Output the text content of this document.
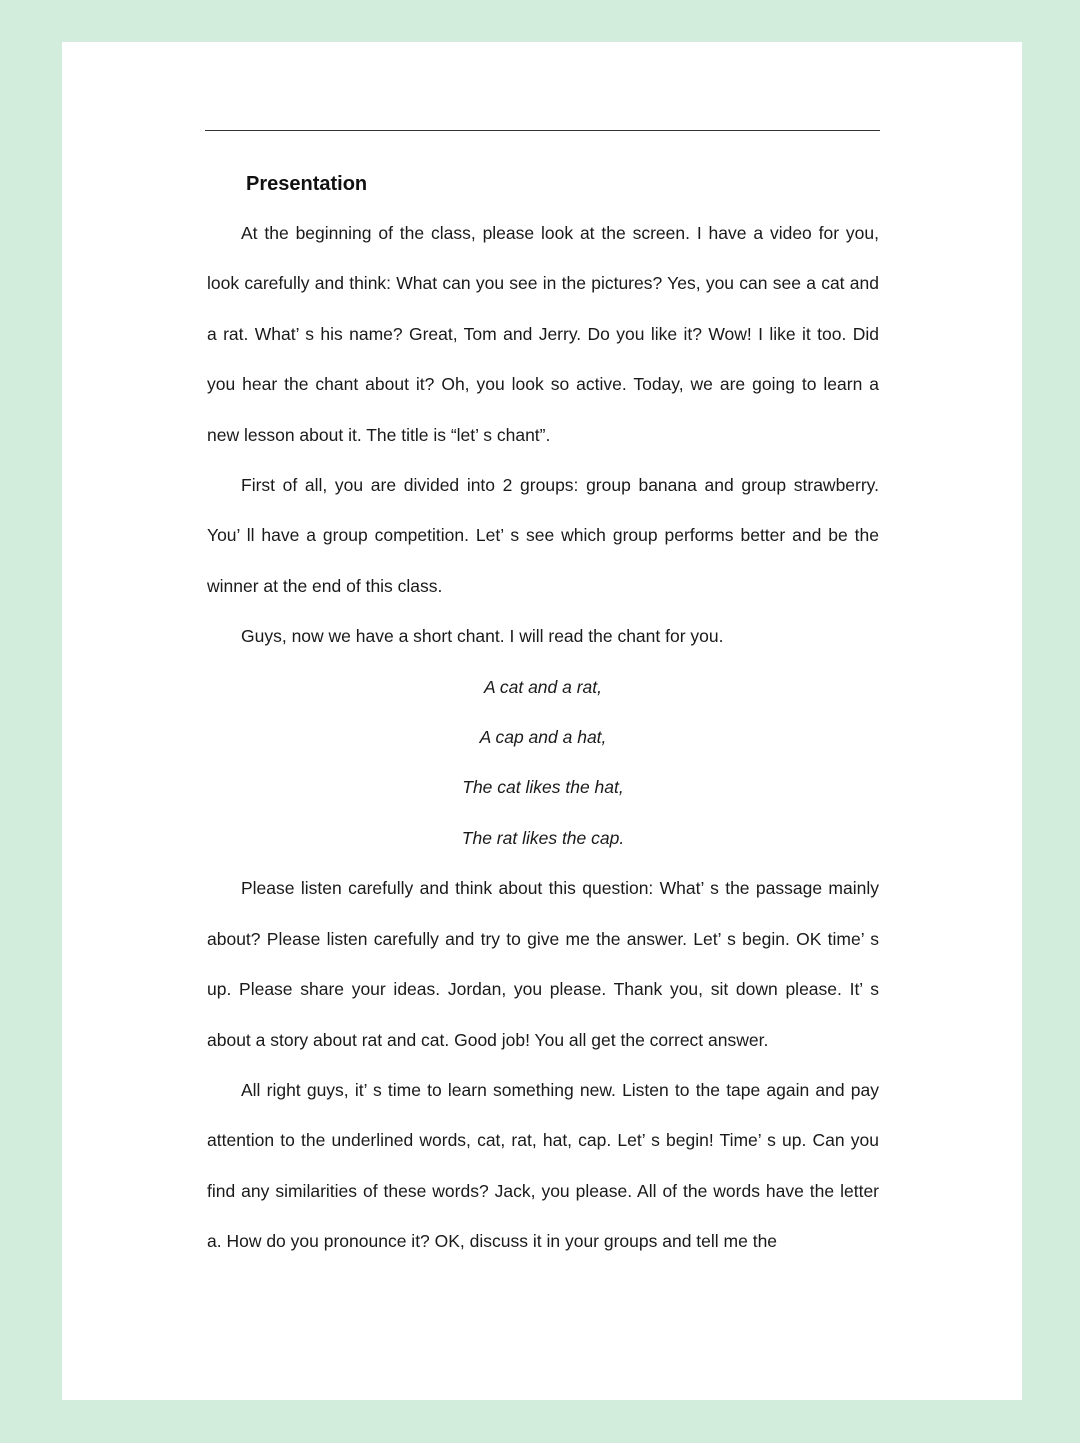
Presentation

At the beginning of the class, please look at the screen. I have a video for you, look carefully and think: What can you see in the pictures? Yes, you can see a cat and a rat. What’ s his name? Great, Tom and Jerry. Do you like it? Wow! I like it too. Did you hear the chant about it? Oh, you look so active. Today, we are going to learn a new lesson about it. The title is “let’ s chant”.

First of all, you are divided into 2 groups: group banana and group strawberry. You’ ll have a group competition. Let’ s see which group performs better and be the winner at the end of this class.

Guys, now we have a short chant. I will read the chant for you.

A cat and a rat,

A cap and a hat,

The cat likes the hat,

The rat likes the cap.

Please listen carefully and think about this question: What’ s the passage mainly about? Please listen carefully and try to give me the answer. Let’ s begin. OK time’ s up. Please share your ideas. Jordan, you please. Thank you, sit down please. It’ s about a story about rat and cat. Good job! You all get the correct answer.

All right guys, it’ s time to learn something new. Listen to the tape again and pay attention to the underlined words, cat, rat, hat, cap. Let’ s begin! Time’ s up. Can you find any similarities of these words? Jack, you please. All of the words have the letter a. How do you pronounce it? OK, discuss it in your groups and tell me the
